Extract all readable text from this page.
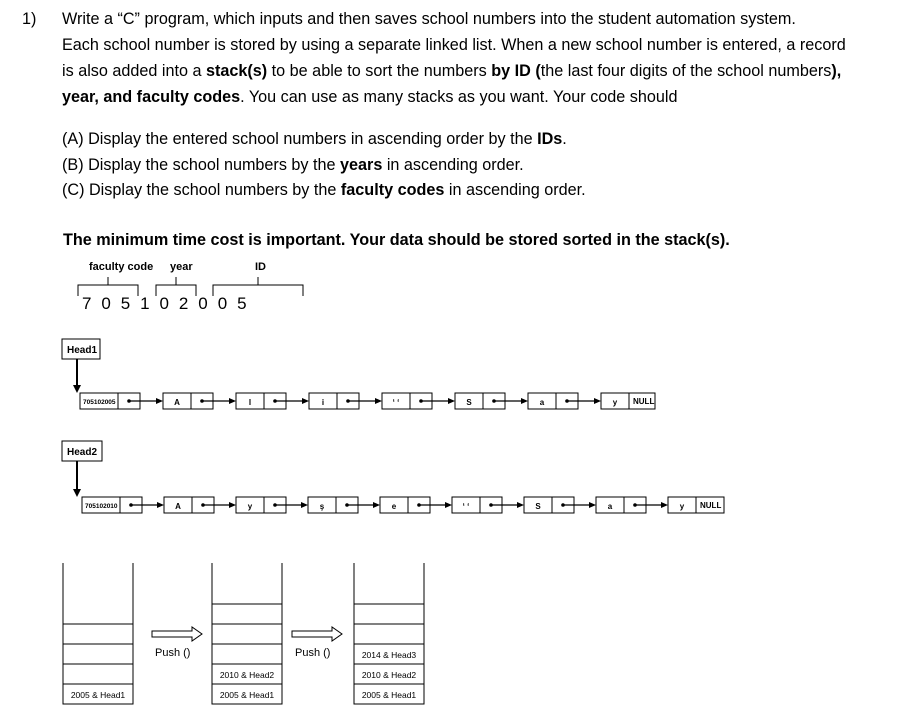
1) Write a “C” program, which inputs and then saves school numbers into the student automation system.

Each school number is stored by using a separate linked list. When a new school number is entered, a record

is also added into a stack(s) to be able to sort the numbers by ID (the last four digits of the school numbers),

year, and faculty codes. You can use as many stacks as you want. Your code should

(A) Display the entered school numbers in ascending order by the IDs.
(B) Display the school numbers by the years in ascending order.
(C) Display the school numbers by the faculty codes in ascending order.
The minimum time cost is important. Your data should be stored sorted in the stack(s).
faculty code year	ID
7 0 5 1 0 2 0 0 5
Head1
705102005	A	l	i	‘ ‘	S	a	y NULL
Head2
705102010	A	y	ş	e	‘ ‘	S	a	y NULL
2005 & Head1	2005 & Head1
2010 & Head2
2005 & Head1
2010 & Head2
2014 & Head3
Push ()	Push ()
